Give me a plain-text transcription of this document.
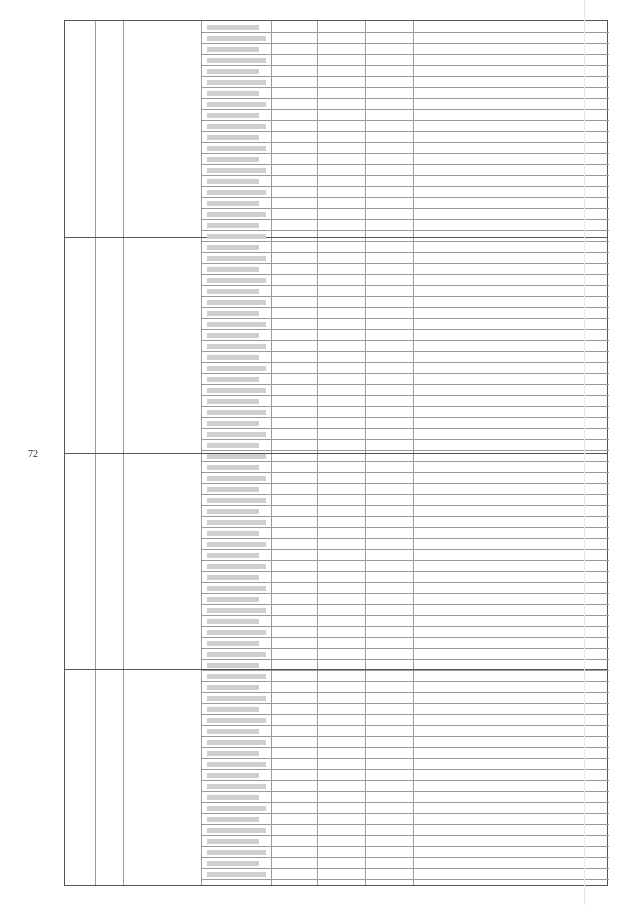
72
